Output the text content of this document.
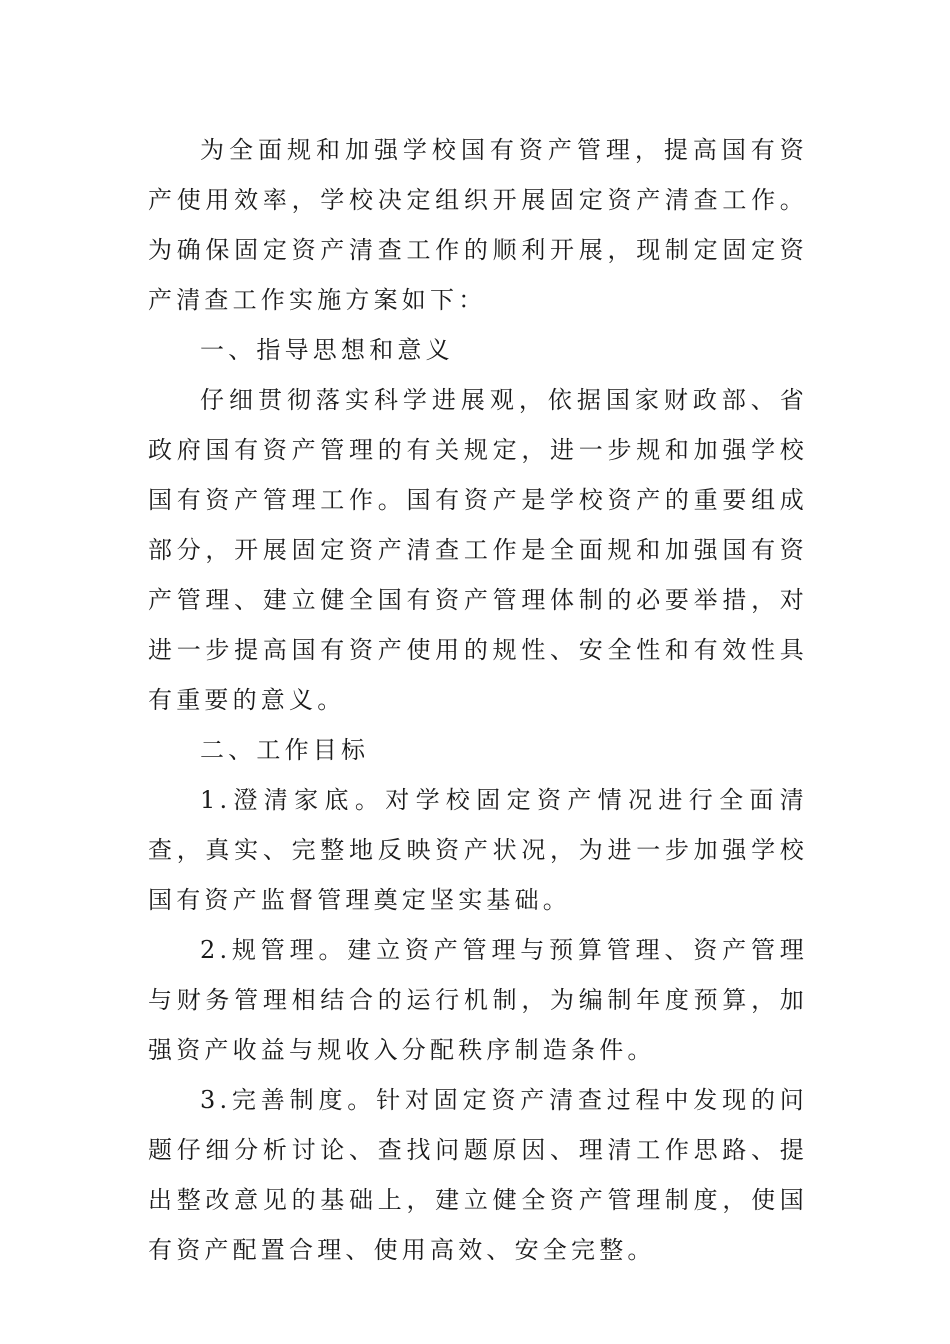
为全面规和加强学校国有资产管理，提高国有资产使用效率，学校决定组织开展固定资产清查工作。为确保固定资产清查工作的顺利开展，现制定固定资产清查工作实施方案如下：

一、指导思想和意义

仔细贯彻落实科学进展观，依据国家财政部、省政府国有资产管理的有关规定，进一步规和加强学校国有资产管理工作。国有资产是学校资产的重要组成部分，开展固定资产清查工作是全面规和加强国有资产管理、建立健全国有资产管理体制的必要举措，对进一步提高国有资产使用的规性、安全性和有效性具有重要的意义。

二、工作目标

1.澄清家底。对学校固定资产情况进行全面清查，真实、完整地反映资产状况，为进一步加强学校国有资产监督管理奠定坚实基础。

2.规管理。建立资产管理与预算管理、资产管理与财务管理相结合的运行机制，为编制年度预算，加强资产收益与规收入分配秩序制造条件。

3.完善制度。针对固定资产清查过程中发现的问题仔细分析讨论、查找问题原因、理清工作思路、提出整改意见的基础上，建立健全资产管理制度，使国有资产配置合理、使用高效、安全完整。
